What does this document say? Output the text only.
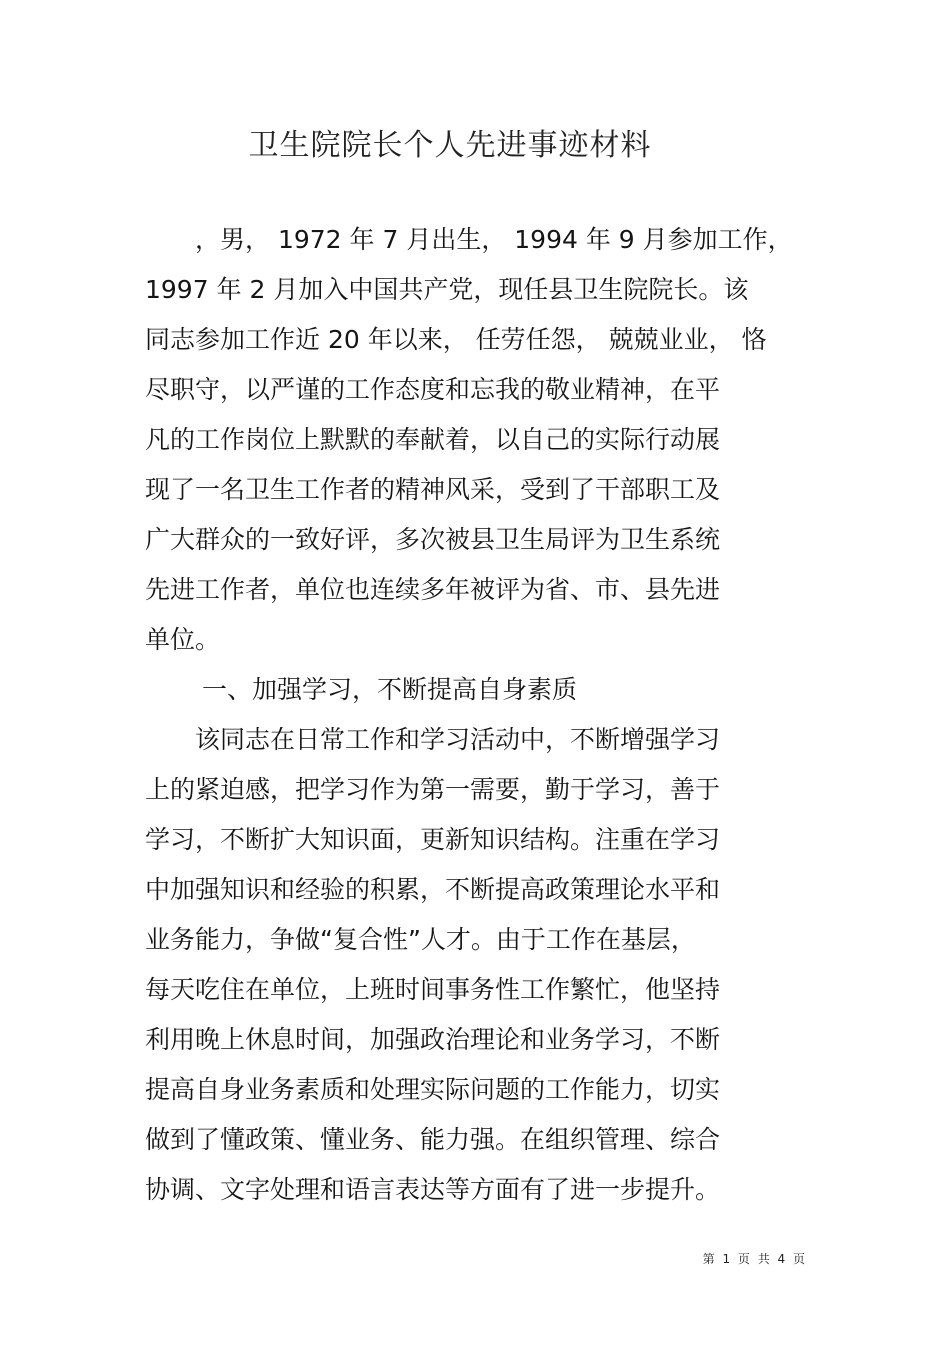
卫生院院长个人先进事迹材料
，男， 1972 年 7 月出生， 1994 年 9 月参加工作，
1997 年 2 月加入中国共产党，现任县卫生院院长。该
同志参加工作近 20 年以来， 任劳任怨， 兢兢业业， 恪
尽职守，以严谨的工作态度和忘我的敬业精神，在平
凡的工作岗位上默默的奉献着，以自己的实际行动展
现了一名卫生工作者的精神风采，受到了干部职工及
广大群众的一致好评，多次被县卫生局评为卫生系统
先进工作者，单位也连续多年被评为省、市、县先进
单位。
一、加强学习，不断提高自身素质
该同志在日常工作和学习活动中，不断增强学习
上的紧迫感，把学习作为第一需要，勤于学习，善于
学习，不断扩大知识面，更新知识结构。注重在学习
中加强知识和经验的积累，不断提高政策理论水平和
业务能力，争做“复合性”人才。由于工作在基层，
每天吃住在单位，上班时间事务性工作繁忙，他坚持
利用晚上休息时间，加强政治理论和业务学习，不断
提高自身业务素质和处理实际问题的工作能力，切实
做到了懂政策、懂业务、能力强。在组织管理、综合
协调、文字处理和语言表达等方面有了进一步提升。
第 1 页 共 4 页
